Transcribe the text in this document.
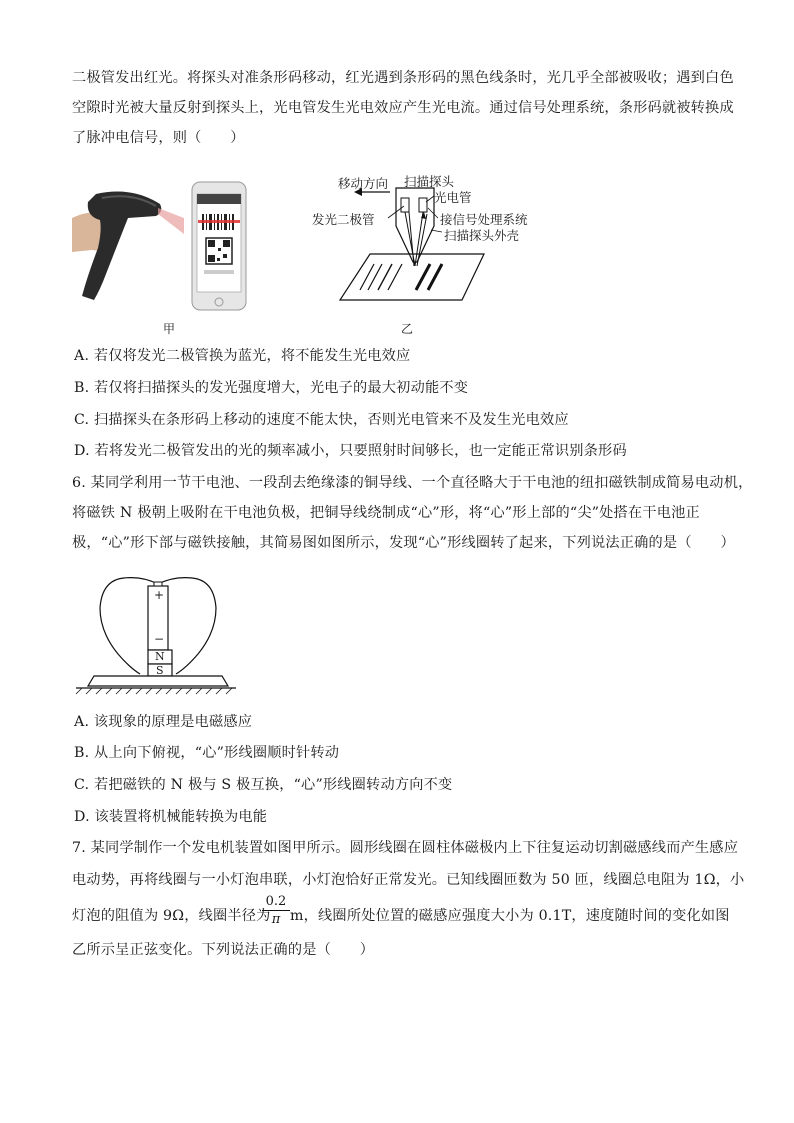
二极管发出红光。将探头对准条形码移动，红光遇到条形码的黑色线条时，光几乎全部被吸收；遇到白色
空隙时光被大量反射到探头上，光电管发生光电效应产生光电流。通过信号处理系统，条形码就被转换成
了脉冲电信号，则（　　）
甲
移动方向 扫描探头
光电管
发光二极管	接信号处理系统
扫描探头外壳
乙
A. 若仅将发光二极管换为蓝光，将不能发生光电效应
B. 若仅将扫描探头的发光强度增大，光电子的最大初动能不变
C. 扫描探头在条形码上移动的速度不能太快，否则光电管来不及发生光电效应
D. 若将发光二极管发出的光的频率减小，只要照射时间够长，也一定能正常识别条形码
6. 某同学利用一节干电池、一段刮去绝缘漆的铜导线、一个直径略大于干电池的纽扣磁铁制成简易电动机，
将磁铁 N 极朝上吸附在干电池负极，把铜导线绕制成“心”形，将“心”形上部的“尖”处搭在干电池正
极，“心”形下部与磁铁接触，其简易图如图所示，发现“心”形线圈转了起来，下列说法正确的是（　　）
+
−
N
S
A. 该现象的原理是电磁感应
B. 从上向下俯视，“心”形线圈顺时针转动
C. 若把磁铁的 N 极与 S 极互换，“心”形线圈转动方向不变
D. 该装置将机械能转换为电能
7. 某同学制作一个发电机装置如图甲所示。圆形线圈在圆柱体磁极内上下往复运动切割磁感线而产生感应
电动势，再将线圈与一小灯泡串联，小灯泡恰好正常发光。已知线圈匝数为 50 匝，线圈总电阻为 1Ω，小
灯泡的阻值为 9Ω，线圈半径为
0.2
π m，线圈所处位置的磁感应强度大小为 0.1T，速度随时间的变化如图
乙所示呈正弦变化。下列说法正确的是（　　）
